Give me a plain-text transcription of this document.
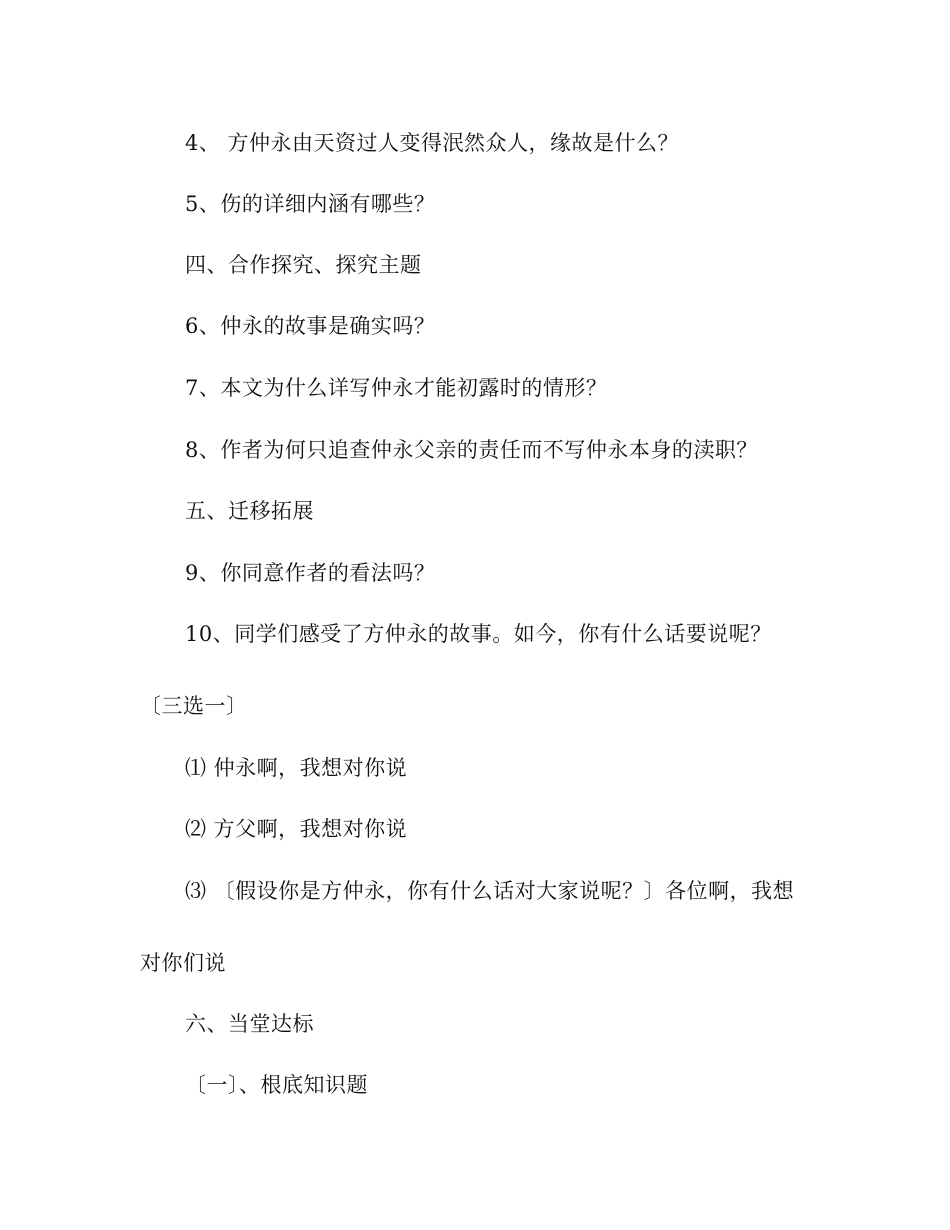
4、 方仲永由天资过人变得泯然众人，缘故是什么？
5、伤的详细内涵有哪些？
四、合作探究、探究主题
6、仲永的故事是确实吗？
7、本文为什么详写仲永才能初露时的情形？
8、作者为何只追查仲永父亲的责任而不写仲永本身的渎职？
五、迁移拓展
9、你同意作者的看法吗？
10、同学们感受了方仲永的故事。如今，你有什么话要说呢？
〔三选一〕
⑴ 仲永啊，我想对你说
⑵ 方父啊，我想对你说
⑶ 〔假设你是方仲永，你有什么话对大家说呢？〕各位啊，我想
对你们说
六、当堂达标
〔一〕、根底知识题
